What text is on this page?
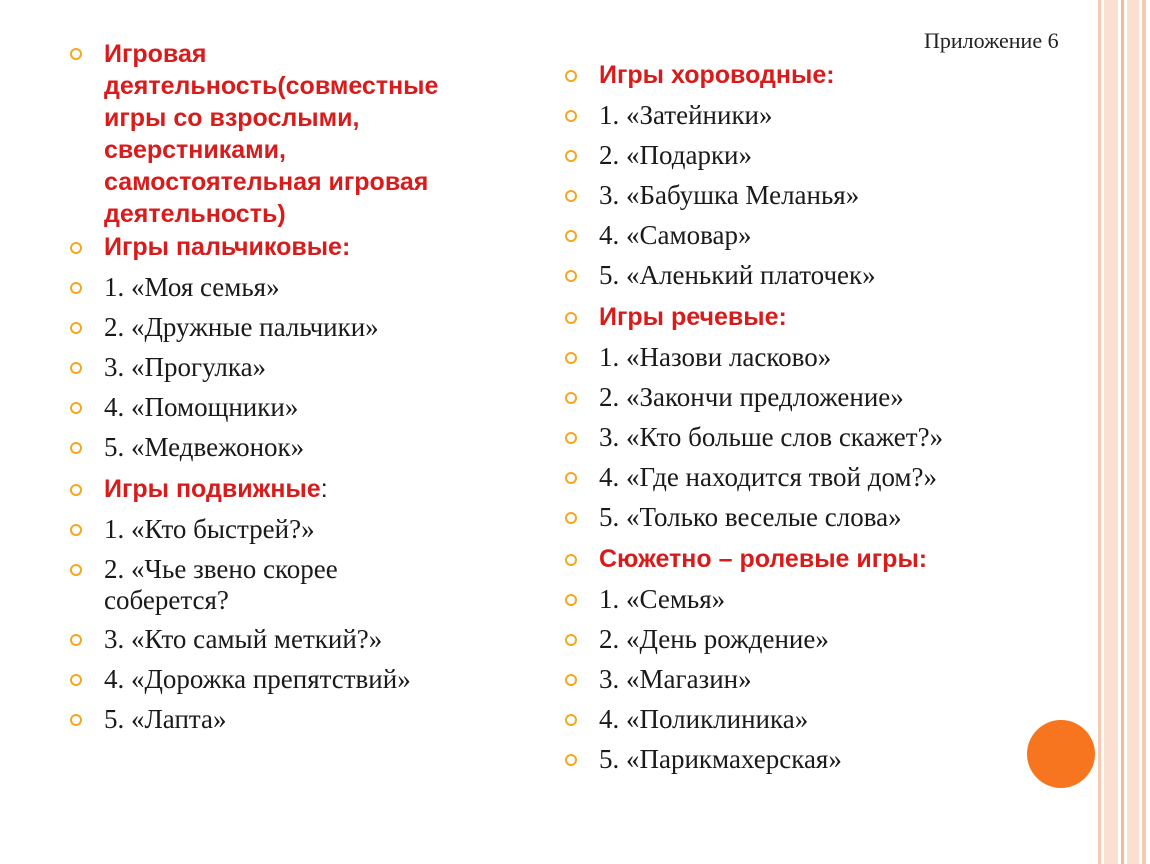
Приложение 6
Игровая деятельность(совместные игры со взрослыми, сверстниками, самостоятельная игровая деятельность)
Игры пальчиковые:
1. «Моя семья»
2. «Дружные пальчики»
3. «Прогулка»
4. «Помощники»
5. «Медвежонок»
Игры подвижные:
1. «Кто быстрей?»
2. «Чье звено скорее соберется?
3. «Кто самый меткий?»
4. «Дорожка препятствий»
5. «Лапта»
Игры хороводные:
1. «Затейники»
2. «Подарки»
3. «Бабушка Меланья»
4. «Самовар»
5. «Аленький платочек»
Игры речевые:
1. «Назови ласково»
2. «Закончи предложение»
3. «Кто больше слов скажет?»
4. «Где находится твой дом?»
5. «Только веселые слова»
Сюжетно – ролевые игры:
1. «Семья»
2. «День рождение»
3. «Магазин»
4. «Поликлиника»
5. «Парикмахерская»
